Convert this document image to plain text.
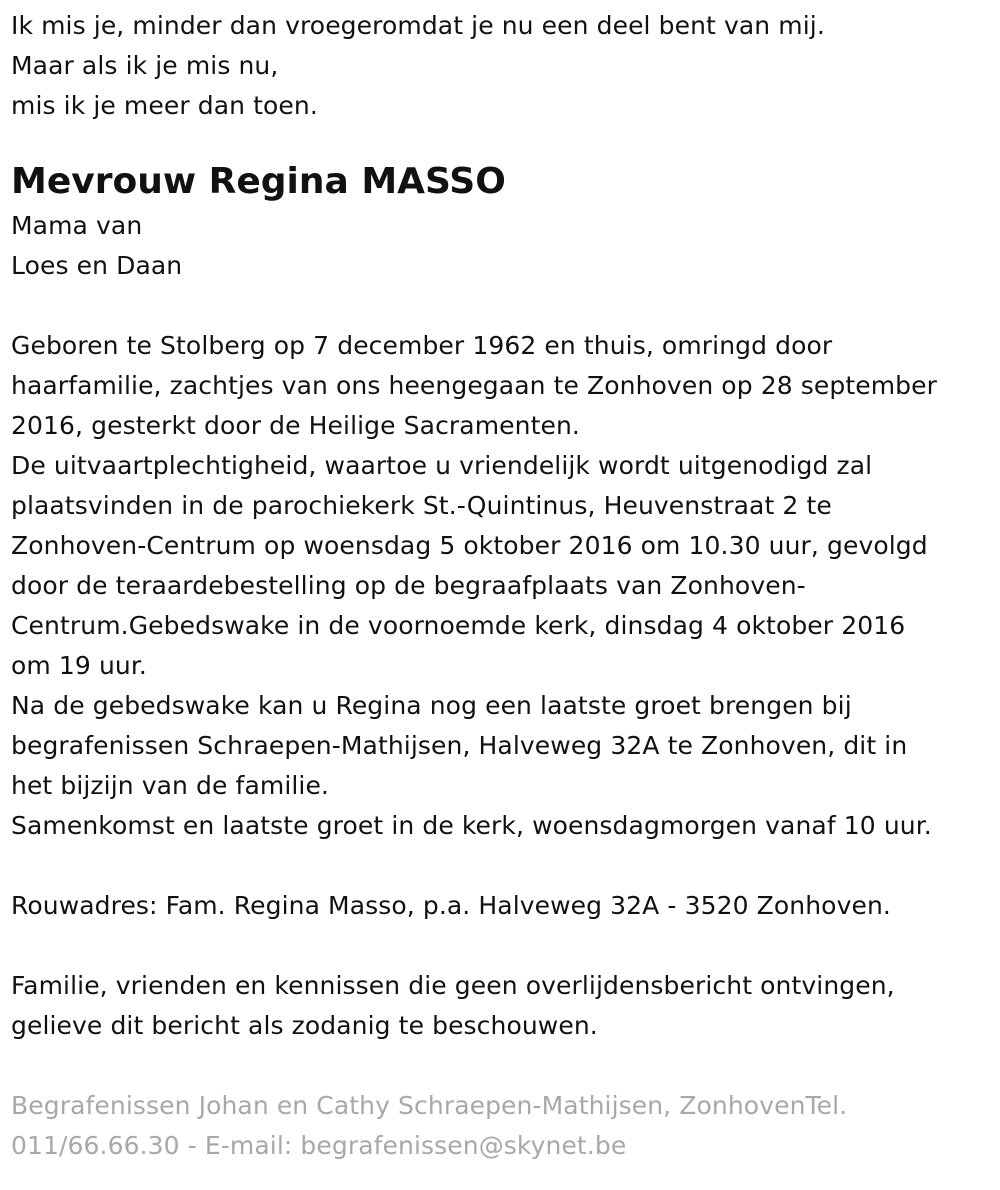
Ik mis je, minder dan vroegeromdat je nu een deel bent van mij.
Maar als ik je mis nu,
mis ik je meer dan toen.
Mevrouw Regina MASSO
Mama van
Loes en Daan
Geboren te Stolberg op 7 december 1962 en thuis, omringd door
haarfamilie, zachtjes van ons heengegaan te Zonhoven op 28 september
2016, gesterkt door de Heilige Sacramenten.
De uitvaartplechtigheid, waartoe u vriendelijk wordt uitgenodigd zal
plaatsvinden in de parochiekerk St.-Quintinus, Heuvenstraat 2 te
Zonhoven-Centrum op woensdag 5 oktober 2016 om 10.30 uur, gevolgd
door de teraardebestelling op de begraafplaats van Zonhoven-
Centrum.Gebedswake in de voornoemde kerk, dinsdag 4 oktober 2016
om 19 uur.
Na de gebedswake kan u Regina nog een laatste groet brengen bij
begrafenissen Schraepen-Mathijsen, Halveweg 32A te Zonhoven, dit in
het bijzijn van de familie.
Samenkomst en laatste groet in de kerk, woensdagmorgen vanaf 10 uur.
Rouwadres: Fam. Regina Masso, p.a. Halveweg 32A - 3520 Zonhoven.
Familie, vrienden en kennissen die geen overlijdensbericht ontvingen,
gelieve dit bericht als zodanig te beschouwen.
Begrafenissen Johan en Cathy Schraepen-Mathijsen, ZonhovenTel.
011/66.66.30 - E-mail: begrafenissen@skynet.be
